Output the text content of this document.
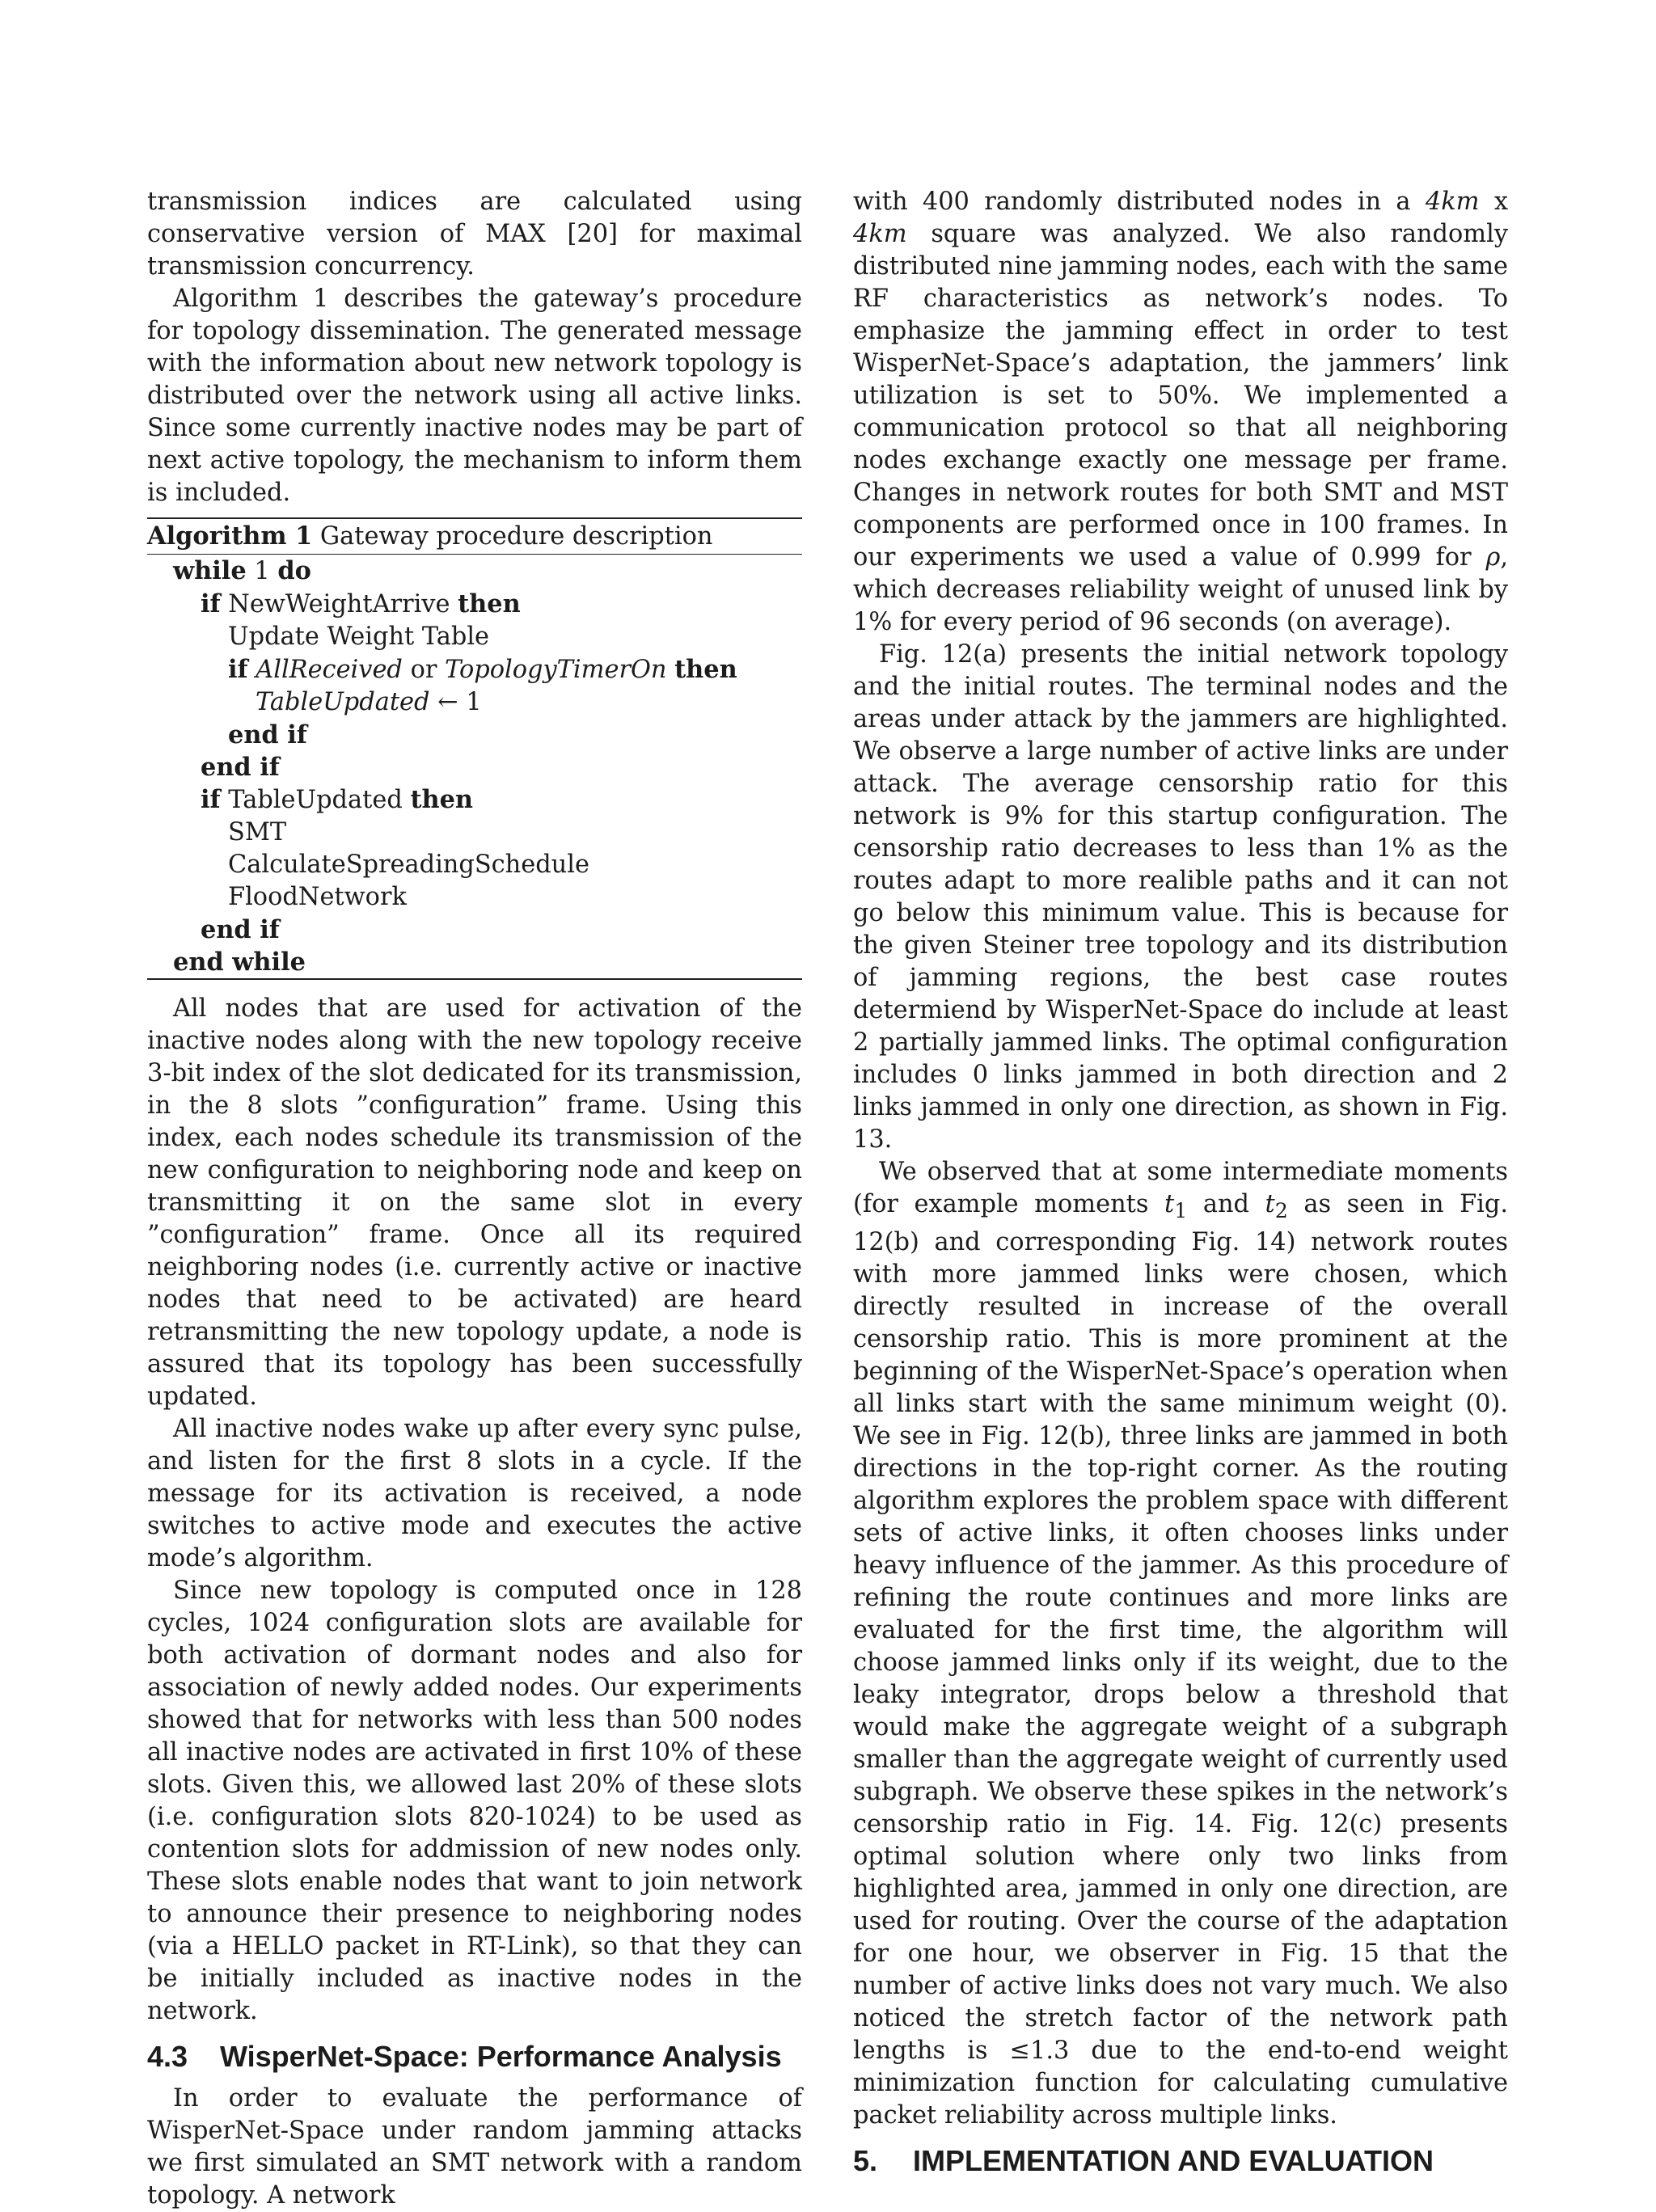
transmission indices are calculated using conservative version of MAX [20] for maximal transmission concurrency.

Algorithm 1 describes the gateway’s procedure for topology dissemination. The generated message with the information about new network topology is distributed over the network using all active links. Since some currently inactive nodes may be part of next active topology, the mechanism to inform them is included.

Algorithm 1 Gateway procedure description
while 1 do
if NewWeightArrive then
Update Weight Table
if AllReceived or TopologyTimerOn then
TableUpdated ← 1
end if
end if
if TableUpdated then
SMT
CalculateSpreadingSchedule
FloodNetwork
end if
end while

All nodes that are used for activation of the inactive nodes along with the new topology receive 3-bit index of the slot dedicated for its transmission, in the 8 slots ”configuration” frame. Using this index, each nodes schedule its transmission of the new configuration to neighboring node and keep on transmitting it on the same slot in every ”configuration” frame. Once all its required neighboring nodes (i.e. currently active or inactive nodes that need to be activated) are heard retransmitting the new topology update, a node is assured that its topology has been successfully updated.

All inactive nodes wake up after every sync pulse, and listen for the first 8 slots in a cycle. If the message for its activation is received, a node switches to active mode and executes the active mode’s algorithm.

Since new topology is computed once in 128 cycles, 1024 configuration slots are available for both activation of dormant nodes and also for association of newly added nodes. Our experiments showed that for networks with less than 500 nodes all inactive nodes are activated in first 10% of these slots. Given this, we allowed last 20% of these slots (i.e. configuration slots 820-1024) to be used as contention slots for addmission of new nodes only. These slots enable nodes that want to join network to announce their presence to neighboring nodes (via a HELLO packet in RT-Link), so that they can be initially included as inactive nodes in the network.

4.3 WisperNet-Space: Performance Analysis

In order to evaluate the performance of WisperNet-Space under random jamming attacks we first simulated an SMT network with a random topology. A network

with 400 randomly distributed nodes in a 4km x 4km square was analyzed. We also randomly distributed nine jamming nodes, each with the same RF characteristics as network’s nodes. To emphasize the jamming effect in order to test WisperNet-Space’s adaptation, the jammers’ link utilization is set to 50%. We implemented a communication protocol so that all neighboring nodes exchange exactly one message per frame. Changes in network routes for both SMT and MST components are performed once in 100 frames. In our experiments we used a value of 0.999 for ρ, which decreases reliability weight of unused link by 1% for every period of 96 seconds (on average).

Fig. 12(a) presents the initial network topology and the initial routes. The terminal nodes and the areas under attack by the jammers are highlighted. We observe a large number of active links are under attack. The average censorship ratio for this network is 9% for this startup configuration. The censorship ratio decreases to less than 1% as the routes adapt to more realible paths and it can not go below this minimum value. This is because for the given Steiner tree topology and its distribution of jamming regions, the best case routes determiend by WisperNet-Space do include at least 2 partially jammed links. The optimal configuration includes 0 links jammed in both direction and 2 links jammed in only one direction, as shown in Fig. 13.

We observed that at some intermediate moments (for example moments $t_1$ and $t_2$ as seen in Fig. 12(b) and corresponding Fig. 14) network routes with more jammed links were chosen, which directly resulted in increase of the overall censorship ratio. This is more prominent at the beginning of the WisperNet-Space’s operation when all links start with the same minimum weight (0). We see in Fig. 12(b), three links are jammed in both directions in the top-right corner. As the routing algorithm explores the problem space with different sets of active links, it often chooses links under heavy influence of the jammer. As this procedure of refining the route continues and more links are evaluated for the first time, the algorithm will choose jammed links only if its weight, due to the leaky integrator, drops below a threshold that would make the aggregate weight of a subgraph smaller than the aggregate weight of currently used subgraph. We observe these spikes in the network’s censorship ratio in Fig. 14. Fig. 12(c) presents optimal solution where only two links from highlighted area, jammed in only one direction, are used for routing. Over the course of the adaptation for one hour, we observer in Fig. 15 that the number of active links does not vary much. We also noticed the stretch factor of the network path lengths is ≤1.3 due to the end-to-end weight minimization function for calculating cumulative packet reliability across multiple links.

5. IMPLEMENTATION AND EVALUATION
